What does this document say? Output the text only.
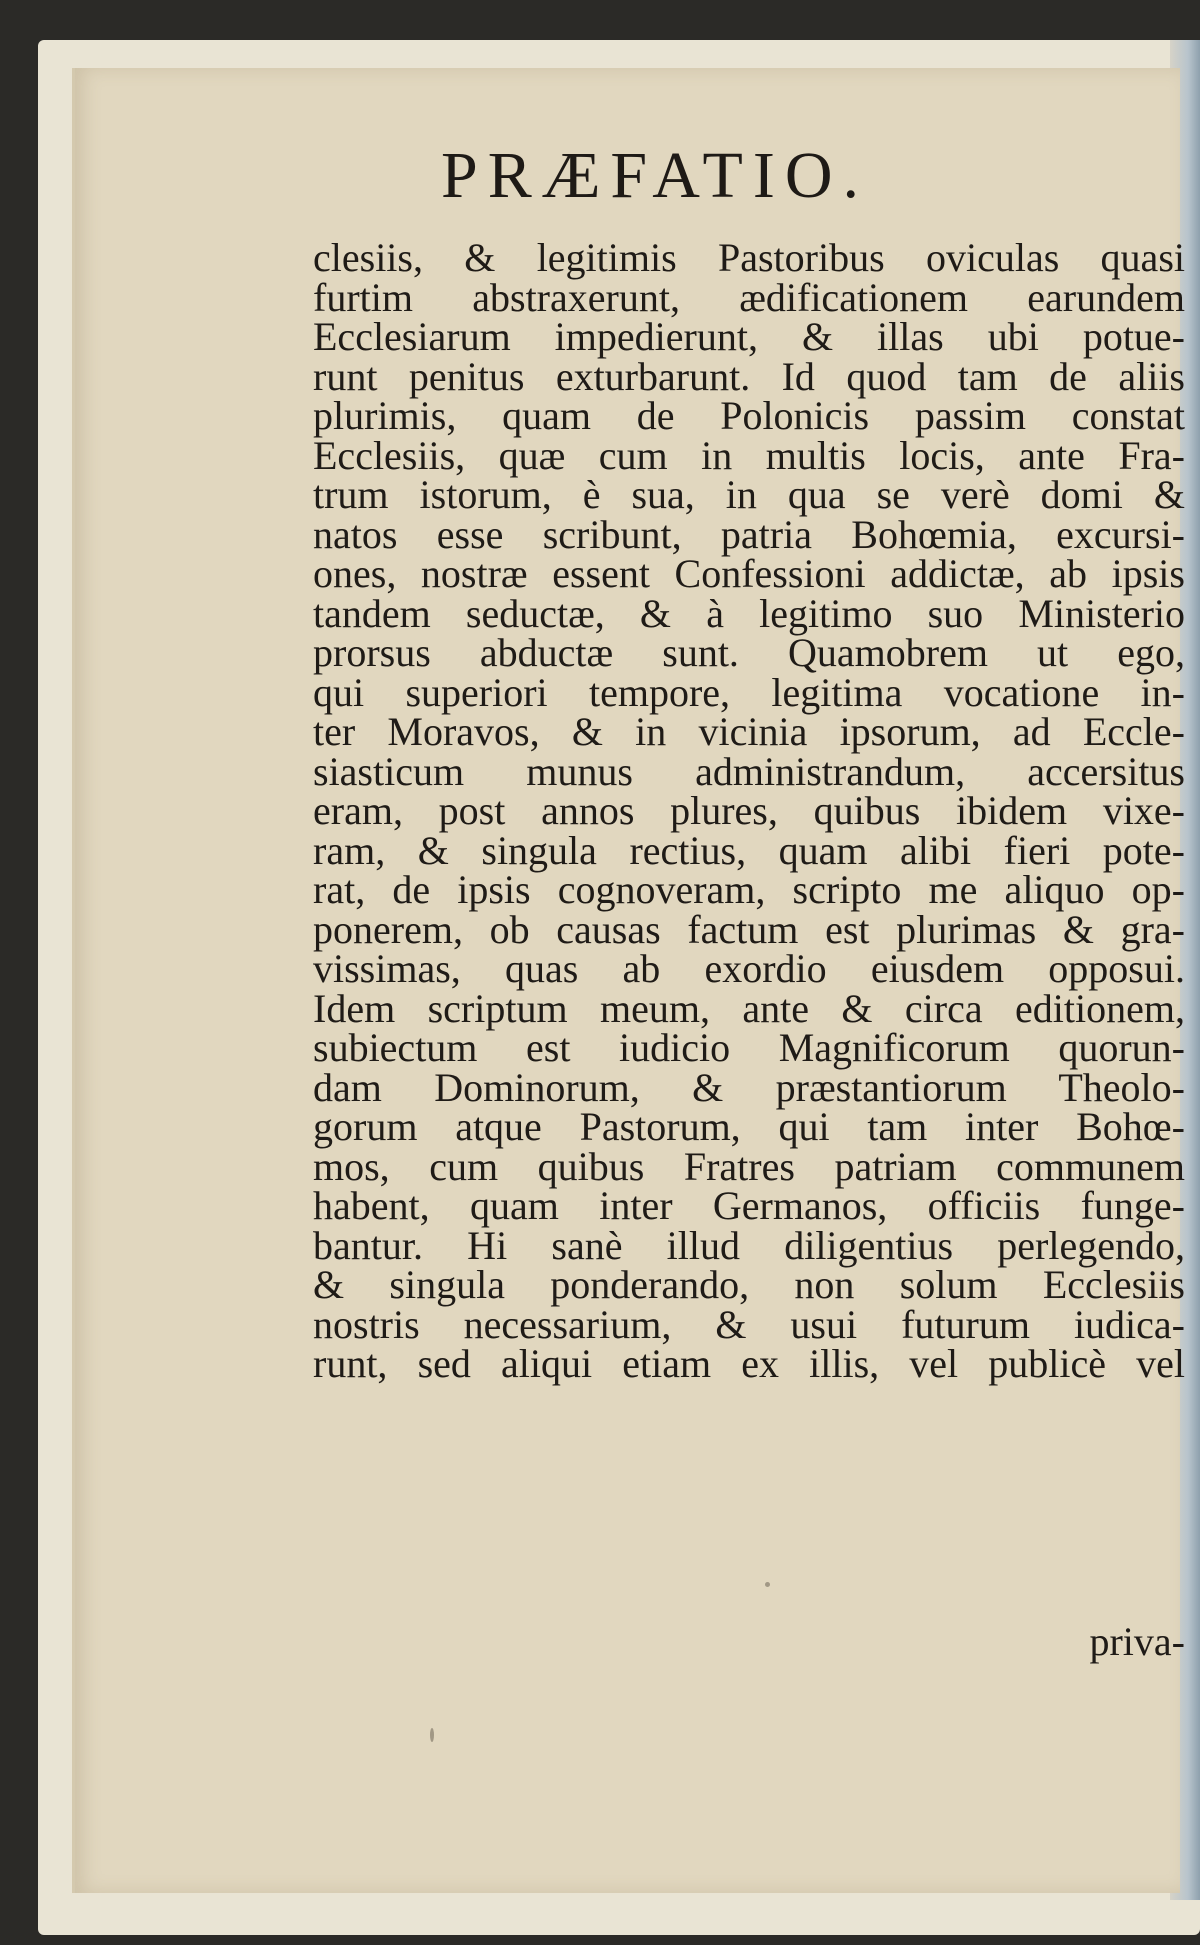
PRÆFATIO.
clesiis, & legitimis Pastoribus oviculas quasi
furtim abstraxerunt, ædificationem earundem
Ecclesiarum impedierunt, & illas ubi potue-
runt penitus exturbarunt. Id quod tam de aliis
plurimis, quam de Polonicis passim constat
Ecclesiis, quæ cum in multis locis, ante Fra-
trum istorum, è sua, in qua se verè domi &
natos esse scribunt, patria Bohœmia, excursi-
ones, nostræ essent Confessioni addictæ, ab ipsis
tandem seductæ, & à legitimo suo Ministerio
prorsus abductæ sunt. Quamobrem ut ego,
qui superiori tempore, legitima vocatione in-
ter Moravos, & in vicinia ipsorum, ad Eccle-
siasticum munus administrandum, accersitus
eram, post annos plures, quibus ibidem vixe-
ram, & singula rectius, quam alibi fieri pote-
rat, de ipsis cognoveram, scripto me aliquo op-
ponerem, ob causas factum est plurimas & gra-
vissimas, quas ab exordio eiusdem opposui.
Idem scriptum meum, ante & circa editionem,
subiectum est iudicio Magnificorum quorun-
dam Dominorum, & præstantiorum Theolo-
gorum atque Pastorum, qui tam inter Bohœ-
mos, cum quibus Fratres patriam communem
habent, quam inter Germanos, officiis funge-
bantur. Hi sanè illud diligentius perlegendo,
& singula ponderando, non solum Ecclesiis
nostris necessarium, & usui futurum iudica-
runt, sed aliqui etiam ex illis, vel publicè vel
priva-
